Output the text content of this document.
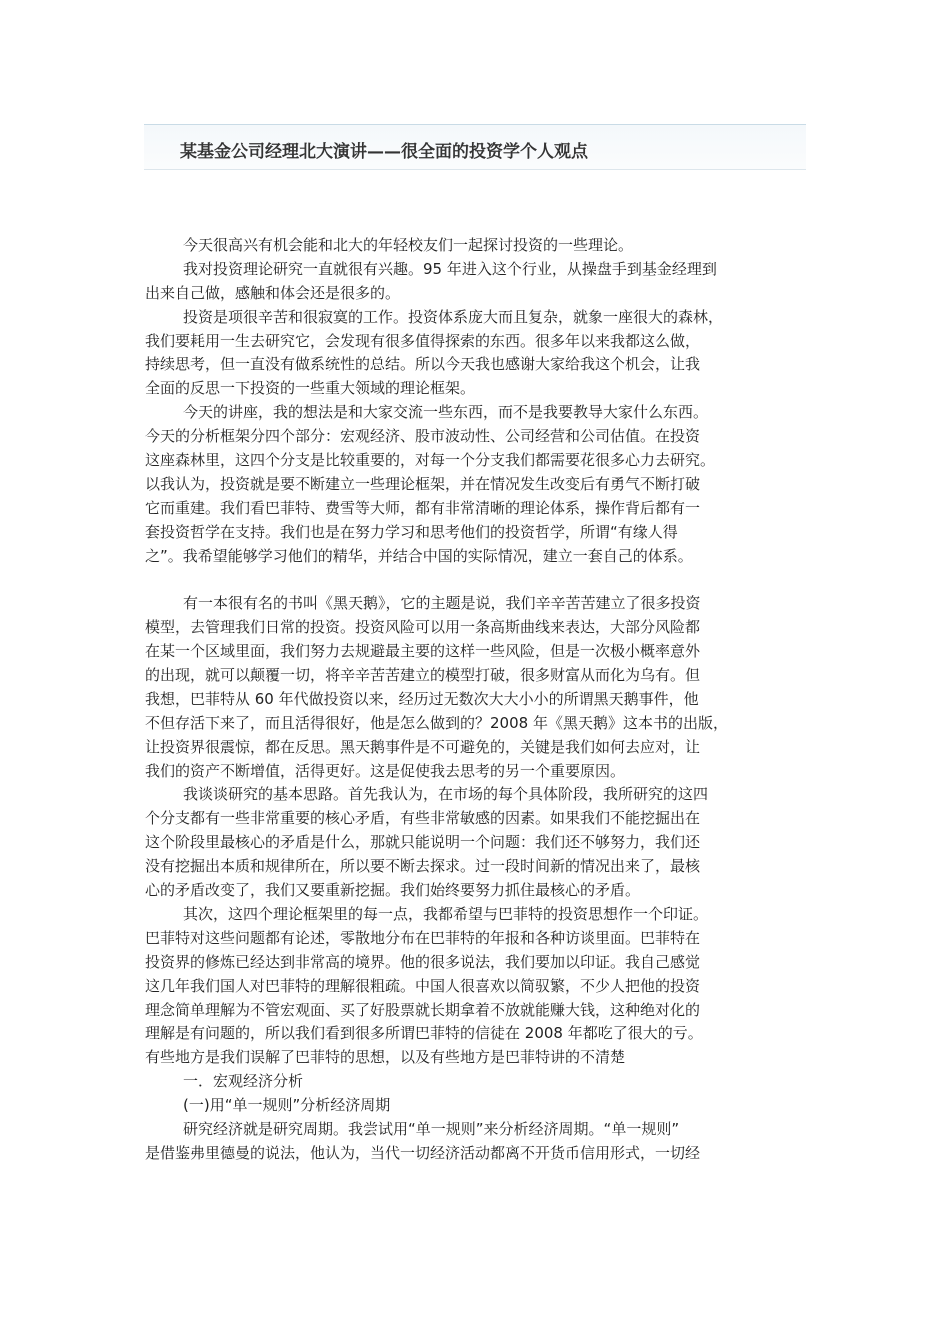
某基金公司经理北大演讲——很全面的投资学个人观点
今天很高兴有机会能和北大的年轻校友们一起探讨投资的一些理论。
我对投资理论研究一直就很有兴趣。95 年进入这个行业，从操盘手到基金经理到
出来自己做，感触和体会还是很多的。
投资是项很辛苦和很寂寞的工作。投资体系庞大而且复杂，就象一座很大的森林，
我们要耗用一生去研究它，会发现有很多值得探索的东西。很多年以来我都这么做，
持续思考，但一直没有做系统性的总结。所以今天我也感谢大家给我这个机会，让我
全面的反思一下投资的一些重大领域的理论框架。
今天的讲座，我的想法是和大家交流一些东西，而不是我要教导大家什么东西。
今天的分析框架分四个部分：宏观经济、股市波动性、公司经营和公司估值。在投资
这座森林里，这四个分支是比较重要的，对每一个分支我们都需要花很多心力去研究。
以我认为，投资就是要不断建立一些理论框架，并在情况发生改变后有勇气不断打破
它而重建。我们看巴菲特、费雪等大师，都有非常清晰的理论体系，操作背后都有一
套投资哲学在支持。我们也是在努力学习和思考他们的投资哲学，所谓“有缘人得
之”。我希望能够学习他们的精华，并结合中国的实际情况，建立一套自己的体系。
有一本很有名的书叫《黑天鹅》，它的主题是说，我们辛辛苦苦建立了很多投资
模型，去管理我们日常的投资。投资风险可以用一条高斯曲线来表达，大部分风险都
在某一个区域里面，我们努力去规避最主要的这样一些风险，但是一次极小概率意外
的出现，就可以颠覆一切，将辛辛苦苦建立的模型打破，很多财富从而化为乌有。但
我想，巴菲特从 60 年代做投资以来，经历过无数次大大小小的所谓黑天鹅事件，他
不但存活下来了，而且活得很好，他是怎么做到的？2008 年《黑天鹅》这本书的出版，
让投资界很震惊，都在反思。黑天鹅事件是不可避免的，关键是我们如何去应对，让
我们的资产不断增值，活得更好。这是促使我去思考的另一个重要原因。
我谈谈研究的基本思路。首先我认为，在市场的每个具体阶段，我所研究的这四
个分支都有一些非常重要的核心矛盾，有些非常敏感的因素。如果我们不能挖掘出在
这个阶段里最核心的矛盾是什么，那就只能说明一个问题：我们还不够努力，我们还
没有挖掘出本质和规律所在，所以要不断去探求。过一段时间新的情况出来了，最核
心的矛盾改变了，我们又要重新挖掘。我们始终要努力抓住最核心的矛盾。
其次，这四个理论框架里的每一点，我都希望与巴菲特的投资思想作一个印证。
巴菲特对这些问题都有论述，零散地分布在巴菲特的年报和各种访谈里面。巴菲特在
投资界的修炼已经达到非常高的境界。他的很多说法，我们要加以印证。我自己感觉
这几年我们国人对巴菲特的理解很粗疏。中国人很喜欢以简驭繁，不少人把他的投资
理念简单理解为不管宏观面、买了好股票就长期拿着不放就能赚大钱，这种绝对化的
理解是有问题的，所以我们看到很多所谓巴菲特的信徒在 2008 年都吃了很大的亏。
有些地方是我们误解了巴菲特的思想，以及有些地方是巴菲特讲的不清楚
一．宏观经济分析
(一)用“单一规则”分析经济周期
研究经济就是研究周期。我尝试用“单一规则”来分析经济周期。“单一规则”
是借鉴弗里德曼的说法，他认为，当代一切经济活动都离不开货币信用形式，一切经
